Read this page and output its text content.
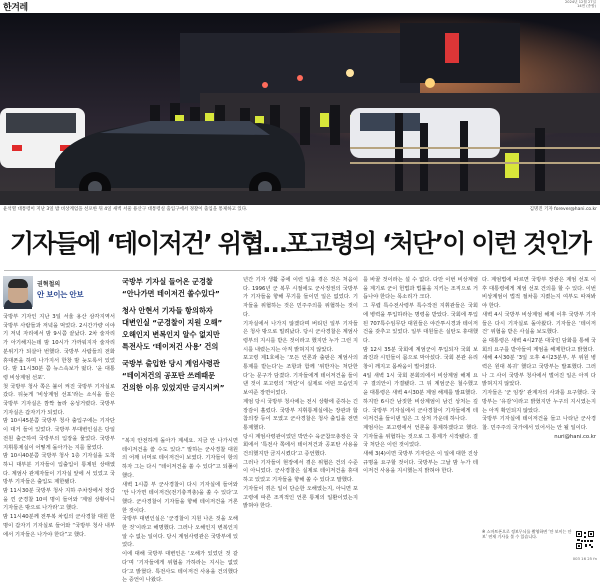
한겨레
2024년 12월 27일
14면 (종합)
윤석열 대통령이 지난 3일 밤 비상계엄을 선포한 뒤 4일 새벽 서울 용산구 대통령실 출입구에서 경찰이 출입을 통제하고 있다.	김명진 기자 forever@hani.co.kr
기자들에 ‘테이저건’ 위협…포고령의 ‘처단’이 이런 것인가
권혁철의
안 보이는 안보

국방부 기자인 지난 3일 서울 용산 삼각지역서 국방부 사람들과 저녁을 먹었다. 2시간가량 이야기 저녁 자리에서 밤 9시쯤 끝났다. 2차 술자리가 아기해지는데 밤 10시가 가까워지자 술자리 분위기가 되살아 번했다. 국방부 사람들의 전화 휴대폰을 하며 나가지서 한창 밤 늦도록서 있었다. 밤 11시30분 쯤 뉴스속보가 떴다. ‘윤 대통령 비상계엄 선포’.

첫 국방부 청사 쪽은 불이 켜진 국방부 기자실로 갔다. 뒤늦게 ‘비상계엄 선포’라는 소식을 들은 국방부 기자실은 깜짝 놀라 웅성거렸다. 국방부 기자실은 갑자기가 되었다.

밤 10시45분쯤 국방부 청사 출입구에는 기자단이 대거 들어 있었다. 국방부 부대변인실은 당일 전원 출근하여 국방부의 입장을 물었다. 국방부 지휘통제실이 어떻게 돌아가는 지를 물었다.

밤 10시40분쯤 국방부 청사 1층 기자실을 도착하니 대부분 기자들이 입출입이 통제된 상태였다. 계엄사 관계자들이 기자실 앞에 서 있었고 국방부 기자들은 출입도 제한됐다.

밤 11시30분 국방부 청사 지하 주차장에서 장갑을 낀 군경찰 10여 명이 들어와 ‘계엄 상황이니 기자들은 밖으로 나가라’고 했다.

밤 11시40분께 전투복 차림의 군사경찰 대원 한명이 갑자기 기자실로 들어와 “국방부 청사 내부에서 기자들은 나가야 한다”고 했다.

국방부 기자실 들어온 군경찰
“안나가면 테이저건 쏠수있다”
청사 안현서 기자들 항의하자
대변인실 “군경찰이 지원 오해”
오해인지 변복인지 알수 없지만
특전사도 ‘테이저건 사용’ 건의
국방부 출입한 당시 계엄사령관
“테이저건의 공포탄 쓰레때문
건의한 이유 있었지만 금지시켜”

“복지 안전하게 돌아가 계세요. 지금 안 나가시면 테이저건을 쓸 수도 있다.” 말하는 군사경찰 대원의 어깨 너머로 테이저건이 보였다. 기자들이 항의하자 그는 다시 “테이저건을 쏠 수 있다”고 되풀이했다.

새벽 1시쯤 부 군사경찰이 다시 기자실에 들어와 ‘안 나가면 테이저건(전기충격총)을 쏠 수 있다’고 했다. 군사경찰이 기자들을 향해 테이저건을 거론한 것이다.

국방부 대변인실은 ‘군경찰이 지원 나온 것을 오해한 것’이라고 해명했다. 그러나 오해인지 변복인지 알 수 없는 일이다. 당시 계엄사령관은 국방부에 있었다.

이에 대해 국방부 대변인은 ‘오해가 있었던 것 같다’며 ‘기자들에게 위협을 가하라는 지시는 없었다’고 밝혔다. 특전사도 테이저건 사용을 건의했다는 증언이 나왔다.

년간 기자 생활 중에 이런 일을 겪은 것은 처음이다. 1996년 군 복무 시절에도 군사정권의 국방부가 기자들을 향해 무기를 들이민 일은 없었다. 기자들을 위협하는 것은 민주주의를 위협하는 것이다.

기자실에서 나가지 않겠다며 버티던 일부 기자들은 청사 밖으로 밀려났다. 당시 군사경찰은 계엄사령부의 지시를 받은 것이라고 했지만 누가 그런 지시를 내렸는지는 아직 밝혀지지 않았다.

포고령 제1호에는 ‘모든 언론과 출판은 계엄사의 통제를 받는다’는 조항과 함께 ‘위반자는 처단한다’는 문구가 담겼다. 기자들에게 테이저건을 들이댄 것이 포고령의 ‘처단’이 실제로 어떤 모습인지 보여준 장면이었다.

계엄 당시 국방부 청사에는 전시 상황에 준하는 긴장감이 흘렀다. 국방부 지휘통제실에는 장관과 합참의장 등이 모였고 군사경찰은 청사 출입을 전면 통제했다.

당시 계엄사령관이었던 박안수 육군참모총장은 국회에서 ‘특전사 쪽에서 테이저건과 공포탄 사용을 건의했지만 금지시켰다’고 증언했다.

그러나 기자들이 현장에서 겪은 위협은 건의 수준이 아니었다. 군사경찰은 실제로 테이저건을 휴대하고 있었고 기자들을 향해 쏠 수 있다고 말했다.

기자들이 겪은 일이 단순한 오해였는지, 아니면 포고령에 따른 조직적인 언론 통제의 일환이었는지 밝혀야 한다.

를 바꿀 것이라는 설 수 없다. 다만 이번 비상계엄을 계기로 군이 헌법과 법률을 지키는 조직으로 거듭나야 한다는 목소리가 크다.

그 무렵 특수전사령부 특수작전 지휘관들은 국회에 병력을 투입하라는 명령을 받았다. 국회에 투입된 707특수임무단 대원들은 야간투시경과 테이저건을 갖추고 있었다. 일부 대원들은 실탄도 휴대했다.

밤 12시 35분 국회에 계엄군이 투입되자 국회 보좌진과 시민들이 몸으로 막아섰다. 국회 본관 유리창이 깨지고 몸싸움이 벌어졌다.

4일 새벽 1시 국회 본회의에서 비상계엄 해제 요구 결의안이 가결됐다. 그 뒤 계엄군은 철수했고 윤 대통령은 새벽 4시30분 계엄 해제를 발표했다.

하지만 6시간 남짓한 비상계엄이 남긴 상처는 깊다. 국방부 기자실에서 군사경찰이 기자들에게 테이저건을 들이댄 일은 그 상처 가운데 하나다.

계엄사는 포고령에서 언론을 통제하겠다고 했다. 기자들을 위협하는 것으로 그 통제가 시작됐다. 결국 처단은 이런 것이었다.

새해 3(4)이면 국방부 기자단은 이 일에 대한 진상 규명을 요구할 것이다. 국방부는 그날 밤 누가 테이저건 사용을 지시했는지 밝혀야 한다.

다. 계엄법에 따르면 국방부 장관은 계엄 선포 이후 대통령에게 계엄 선포 건의를 할 수 있다. 이번 비상계엄이 법적 절차를 지켰는지 여부도 따져봐야 한다.

새벽 4시 국방부 비상계엄 해제 이후 국방부 기자들은 다시 기자실로 돌아왔다. 기자들은 ‘테이저건’ 위협을 받은 사실을 보도했다.

윤 대통령은 새벽 4시27분 대국민 담화를 통해 국회의 요구를 받아들여 계엄을 해제한다고 밝혔다.

새해 4시30분 ‘3일 오후 4시23분부, 부 위원 병력은 원대 복귀’ 했다고 국방부는 발표했다. 그러나 그 사이 국방부 청사에서 벌어진 일은 아직 다 밝혀지지 않았다.

기자들은 ‘군 임장’ 관계자의 사과를 요구했다. 국방부는 ‘유감’이라고 밝혔지만 누구의 지시였는지는 아직 확인되지 않았다.

국방부 기자실에 테이저건을 들고 나타난 군사경찰. 민주주의 국가에서 있어서는 안 될 일이다.

nuri@hani.co.kr

※ 스마트폰으로 정보무늬를 촬영하면 ‘안 보이는 안보’ 연재 기사를 볼 수 있습니다.
003 16 25 fn
